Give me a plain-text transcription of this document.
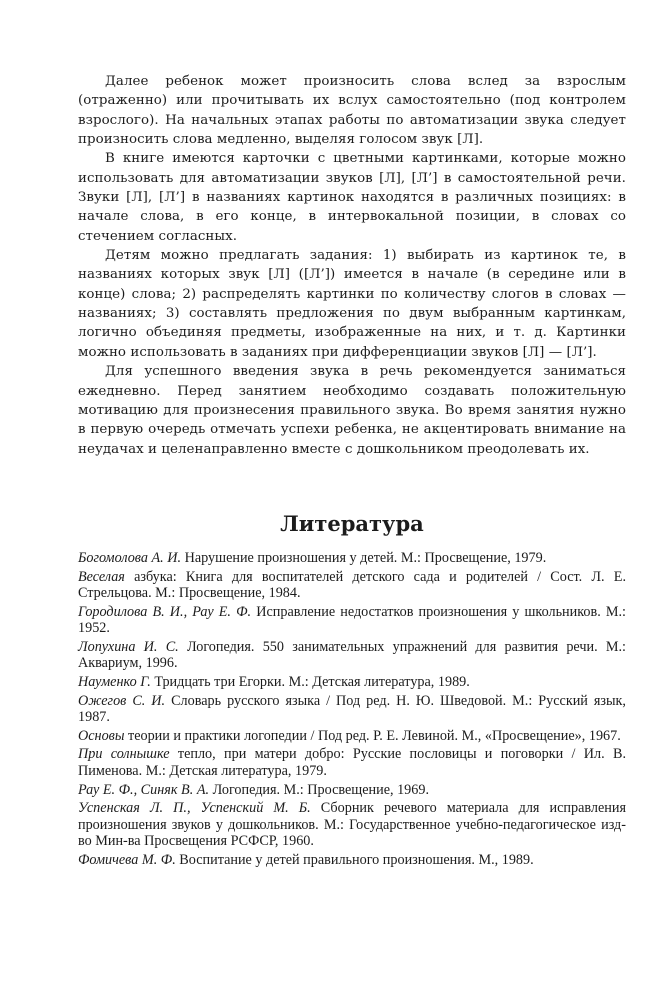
Далее ребенок может произносить слова вслед за взрослым (отраженно) или прочитывать их вслух самостоятельно (под контролем взрослого). На начальных этапах работы по автоматизации звука следует произносить слова медленно, выделяя голосом звук [Л].

В книге имеются карточки с цветными картинками, которые можно использовать для автоматизации звуков [Л], [Л’] в самостоятельной речи. Звуки [Л], [Л’] в названиях картинок находятся в различных позициях: в начале слова, в его конце, в интервокальной позиции, в словах со стечением согласных.

Детям можно предлагать задания: 1) выбирать из картинок те, в названиях которых звук [Л] ([Л’]) имеется в начале (в середине или в конце) слова; 2) распределять картинки по количеству слогов в словах — названиях; 3) составлять предложения по двум выбранным картинкам, логично объединяя предметы, изображенные на них, и т. д. Картинки можно использовать в заданиях при дифференциации звуков [Л] — [Л’].

Для успешного введения звука в речь рекомендуется заниматься ежедневно. Перед занятием необходимо создавать положительную мотивацию для произнесения правильного звука. Во время занятия нужно в первую очередь отмечать успехи ребенка, не акцентировать внимание на неудачах и целенаправленно вместе с дошкольником преодолевать их.

Литература
Богомолова А. И. Нарушение произношения у детей. М.: Просвещение, 1979.
Веселая азбука: Книга для воспитателей детского сада и родителей / Сост. Л. Е. Стрельцова. М.: Просвещение, 1984.
Городилова В. И., Рау Е. Ф. Исправление недостатков произношения у школьников. М.: 1952.
Лопухина И. С. Логопедия. 550 занимательных упражнений для развития речи. М.: Аквариум, 1996.
Науменко Г. Тридцать три Егорки. М.: Детская литература, 1989.
Ожегов С. И. Словарь русского языка / Под ред. Н. Ю. Шведовой. М.: Русский язык, 1987.
Основы теории и практики логопедии / Под ред. Р. Е. Левиной. М., «Просвещение», 1967.
При солнышке тепло, при матери добро: Русские пословицы и поговорки / Ил. В. Пименова. М.: Детская литература, 1979.
Рау Е. Ф., Синяк В. А. Логопедия. М.: Просвещение, 1969.
Успенская Л. П., Успенский М. Б. Сборник речевого материала для исправления произношения звуков у дошкольников. М.: Государственное учебно-педагогическое изд-во Мин-ва Просвещения РСФСР, 1960.
Фомичева М. Ф. Воспитание у детей правильного произношения. М., 1989.
